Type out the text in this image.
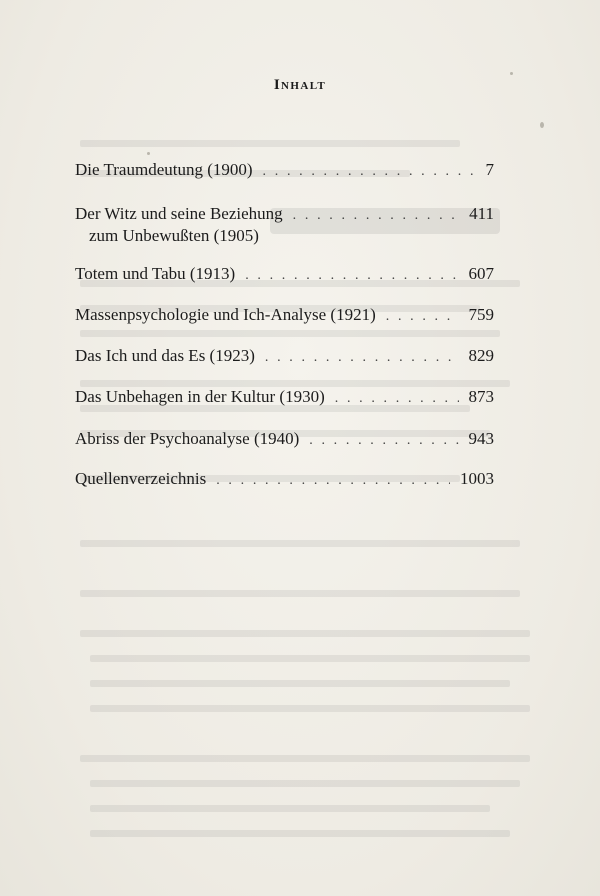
Inhalt
Die Traumdeutung (1900) . . .	7
Der Witz und seine Beziehung . . .	411
zum Unbewußten (1905)
Totem und Tabu (1913) . . .	607
Massenpsychologie und Ich-Analyse (1921) . . .	759
Das Ich und das Es (1923) . . .	829
Das Unbehagen in der Kultur (1930) . . .	873
Abriss der Psychoanalyse (1940) . . .	943
Quellenverzeichnis . . .	1003
